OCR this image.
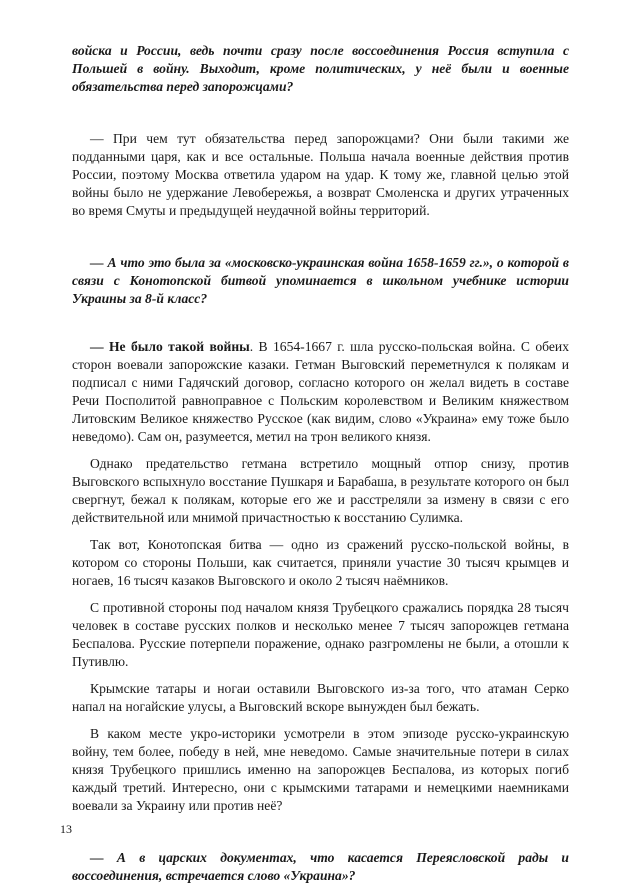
войска и России, ведь почти сразу после воссоединения Россия вступила с Польшей в войну. Выходит, кроме политических, у неё были и военные обязательства перед запорожцами?

— При чем тут обязательства перед запорожцами? Они были такими же подданными царя, как и все остальные. Польша начала военные действия против России, поэтому Москва ответила ударом на удар. К тому же, главной целью этой войны было не удержание Левобережья, а возврат Смоленска и других утраченных во время Смуты и предыдущей неудачной войны территорий.

— А что это была за «московско-украинская война 1658-1659 гг.», о которой в связи с Конотопской битвой упоминается в школьном учебнике истории Украины за 8-й класс?

— Не было такой войны. В 1654-1667 г. шла русско-польская война. С обеих сторон воевали запорожские казаки. Гетман Выговский переметнулся к полякам и подписал с ними Гадячский договор, согласно которого он желал видеть в составе Речи Посполитой равноправное с Польским королевством и Великим княжеством Литовским Великое княжество Русское (как видим, слово «Украина» ему тоже было неведомо). Сам он, разумеется, метил на трон великого князя.

Однако предательство гетмана встретило мощный отпор снизу, против Выговского вспыхнуло восстание Пушкаря и Барабаша, в результате которого он был свергнут, бежал к полякам, которые его же и расстреляли за измену в связи с его действительной или мнимой причастностью к восстанию Сулимка.

Так вот, Конотопская битва — одно из сражений русско-польской войны, в котором со стороны Польши, как считается, приняли участие 30 тысяч крымцев и ногаев, 16 тысяч казаков Выговского и около 2 тысяч наёмников.

С противной стороны под началом князя Трубецкого сражались порядка 28 тысяч человек в составе русских полков и несколько менее 7 тысяч запорожцев гетмана Беспалова. Русские потерпели поражение, однако разгромлены не были, а отошли к Путивлю.

Крымские татары и ногаи оставили Выговского из-за того, что атаман Серко напал на ногайские улусы, а Выговский вскоре вынужден был бежать.

В каком месте укро-историки усмотрели в этом эпизоде русско-украинскую войну, тем более, победу в ней, мне неведомо. Самые значительные потери в силах князя Трубецкого пришлись именно на запорожцев Беспалова, из которых погиб каждый третий. Интересно, они с крымскими татарами и немецкими наемниками воевали за Украину или против неё?

— А в царских документах, что касается Переясловской рады и воссоединения, встречается слово «Украина»?

13
